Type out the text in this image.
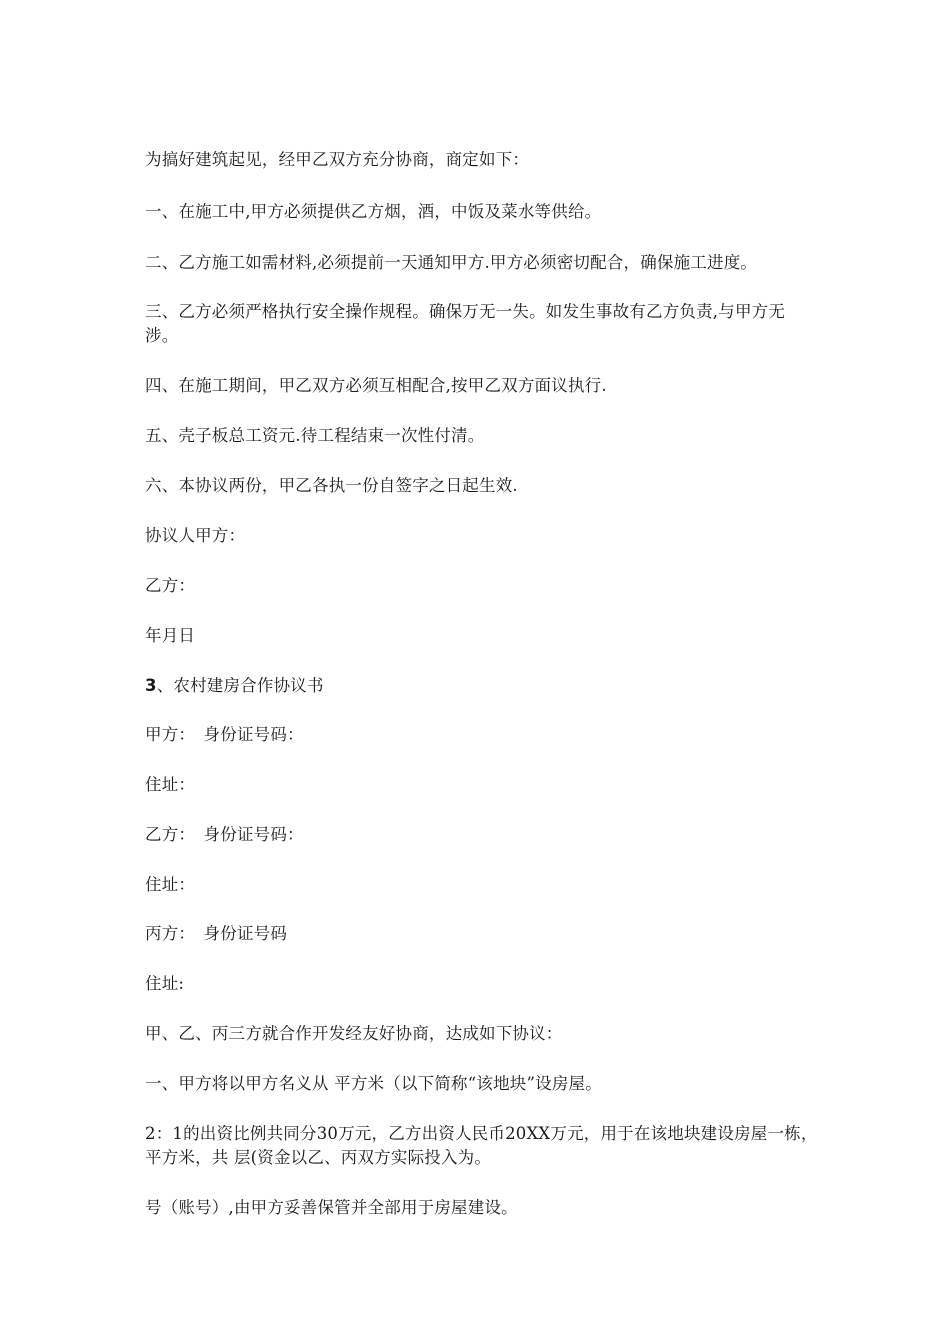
为搞好建筑起见，经甲乙双方充分协商，商定如下：

一、在施工中,甲方必须提供乙方烟，酒，中饭及菜水等供给。

二、乙方施工如需材料,必须提前一天通知甲方.甲方必须密切配合，确保施工进度。

三、乙方必须严格执行安全操作规程。确保万无一失。如发生事故有乙方负责,与甲方无涉。

四、在施工期间，甲乙双方必须互相配合,按甲乙双方面议执行.

五、壳子板总工资元.待工程结束一次性付清。

六、本协议两份，甲乙各执一份自签字之日起生效.

协议人甲方：

乙方：

年月日

3、农村建房合作协议书

甲方：　身份证号码：

住址：

乙方：　身份证号码：

住址：

丙方：　身份证号码

住址:

甲、乙、丙三方就合作开发经友好协商，达成如下协议：

一、甲方将以甲方名义从 平方米（以下简称“该地块”设房屋。

2：1的出资比例共同分30万元，乙方出资人民币20XX万元，用于在该地块建设房屋一栋，　平方米，共 层(资金以乙、丙双方实际投入为。

号（账号）,由甲方妥善保管并全部用于房屋建设。
